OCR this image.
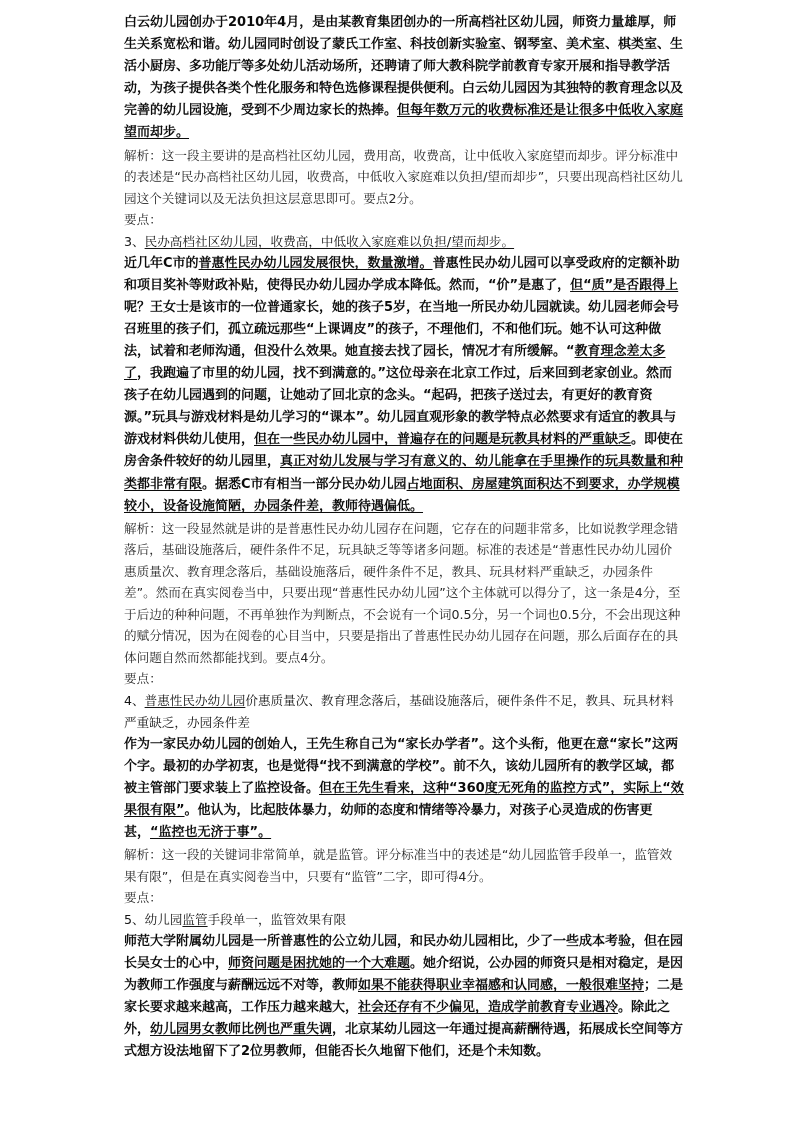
白云幼儿园创办于2010年4月，是由某教育集团创办的一所高档社区幼儿园，师资力量雄厚，师生关系宽松和谐。幼儿园同时创设了蒙氏工作室、科技创新实验室、钢琴室、美术室、棋类室、生活小厨房、多功能厅等多处幼儿活动场所，还聘请了师大教科院学前教育专家开展和指导教学活动，为孩子提供各类个性化服务和特色选修课程提供便利。白云幼儿园因为其独特的教育理念以及完善的幼儿园设施，受到不少周边家长的热捧。但每年数万元的收费标准还是让很多中低收入家庭望而却步。

解析：这一段主要讲的是高档社区幼儿园，费用高，收费高，让中低收入家庭望而却步。评分标准中的表述是“民办高档社区幼儿园，收费高，中低收入家庭难以负担/望而却步”，只要出现高档社区幼儿园这个关键词以及无法负担这层意思即可。要点2分。

要点：

3、民办高档社区幼儿园，收费高，中低收入家庭难以负担/望而却步。

近几年C市的普惠性民办幼儿园发展很快，数量激增。普惠性民办幼儿园可以享受政府的定额补助和项目奖补等财政补贴，使得民办幼儿园办学成本降低。然而，“价”是惠了，但“质”是否跟得上呢？王女士是该市的一位普通家长，她的孩子5岁，在当地一所民办幼儿园就读。幼儿园老师会号召班里的孩子们，孤立疏远那些“上课调皮”的孩子，不理他们，不和他们玩。她不认可这种做法，试着和老师沟通，但没什么效果。她直接去找了园长，情况才有所缓解。“教育理念差太多了，我跑遍了市里的幼儿园，找不到满意的。”这位母亲在北京工作过，后来回到老家创业。然而孩子在幼儿园遇到的问题，让她动了回北京的念头。“起码，把孩子送过去，有更好的教育资源。”玩具与游戏材料是幼儿学习的“课本”。幼儿园直观形象的教学特点必然要求有适宜的教具与游戏材料供幼儿使用，但在一些民办幼儿园中，普遍存在的问题是玩教具材料的严重缺乏。即使在房舍条件较好的幼儿园里，真正对幼儿发展与学习有意义的、幼儿能拿在手里操作的玩具数量和种类都非常有限。据悉C市有相当一部分民办幼儿园占地面积、房屋建筑面积达不到要求，办学规模较小，设备设施简陋，办园条件差，教师待遇偏低。

解析：这一段显然就是讲的是普惠性民办幼儿园存在问题，它存在的问题非常多，比如说教学理念错落后，基础设施落后，硬件条件不足，玩具缺乏等等诸多问题。标准的表述是“普惠性民办幼儿园价惠质量次、教育理念落后，基础设施落后，硬件条件不足，教具、玩具材料严重缺乏，办园条件差”。然而在真实阅卷当中，只要出现“普惠性民办幼儿园”这个主体就可以得分了，这一条是4分，至于后边的种种问题，不再单独作为判断点，不会说有一个词0.5分，另一个词也0.5分，不会出现这种的赋分情况，因为在阅卷的心目当中，只要是指出了普惠性民办幼儿园存在问题，那么后面存在的具体问题自然而然都能找到。要点4分。

要点：

4、普惠性民办幼儿园价惠质量次、教育理念落后，基础设施落后，硬件条件不足，教具、玩具材料严重缺乏，办园条件差

作为一家民办幼儿园的创始人，王先生称自己为“家长办学者”。这个头衔，他更在意“家长”这两个字。最初的办学初衷，也是觉得“找不到满意的学校”。前不久，该幼儿园所有的教学区域，都被主管部门要求装上了监控设备。但在王先生看来，这种“360度无死角的监控方式”，实际上“效果很有限”。他认为，比起肢体暴力，幼师的态度和情绪等冷暴力，对孩子心灵造成的伤害更甚，“监控也无济于事”。

解析：这一段的关键词非常简单，就是监管。评分标准当中的表述是“幼儿园监管手段单一，监管效果有限”，但是在真实阅卷当中，只要有“监管”二字，即可得4分。

要点：

5、幼儿园监管手段单一，监管效果有限

师范大学附属幼儿园是一所普惠性的公立幼儿园，和民办幼儿园相比，少了一些成本考验，但在园长吴女士的心中，师资问题是困扰她的一个大难题。她介绍说，公办园的师资只是相对稳定，是因为教师工作强度与薪酬远远不对等，教师如果不能获得职业幸福感和认同感，一般很难坚持；二是家长要求越来越高，工作压力越来越大，社会还存有不少偏见，造成学前教育专业遇冷。除此之外，幼儿园男女教师比例也严重失调，北京某幼儿园这一年通过提高薪酬待遇，拓展成长空间等方式想方设法地留下了2位男教师，但能否长久地留下他们，还是个未知数。
